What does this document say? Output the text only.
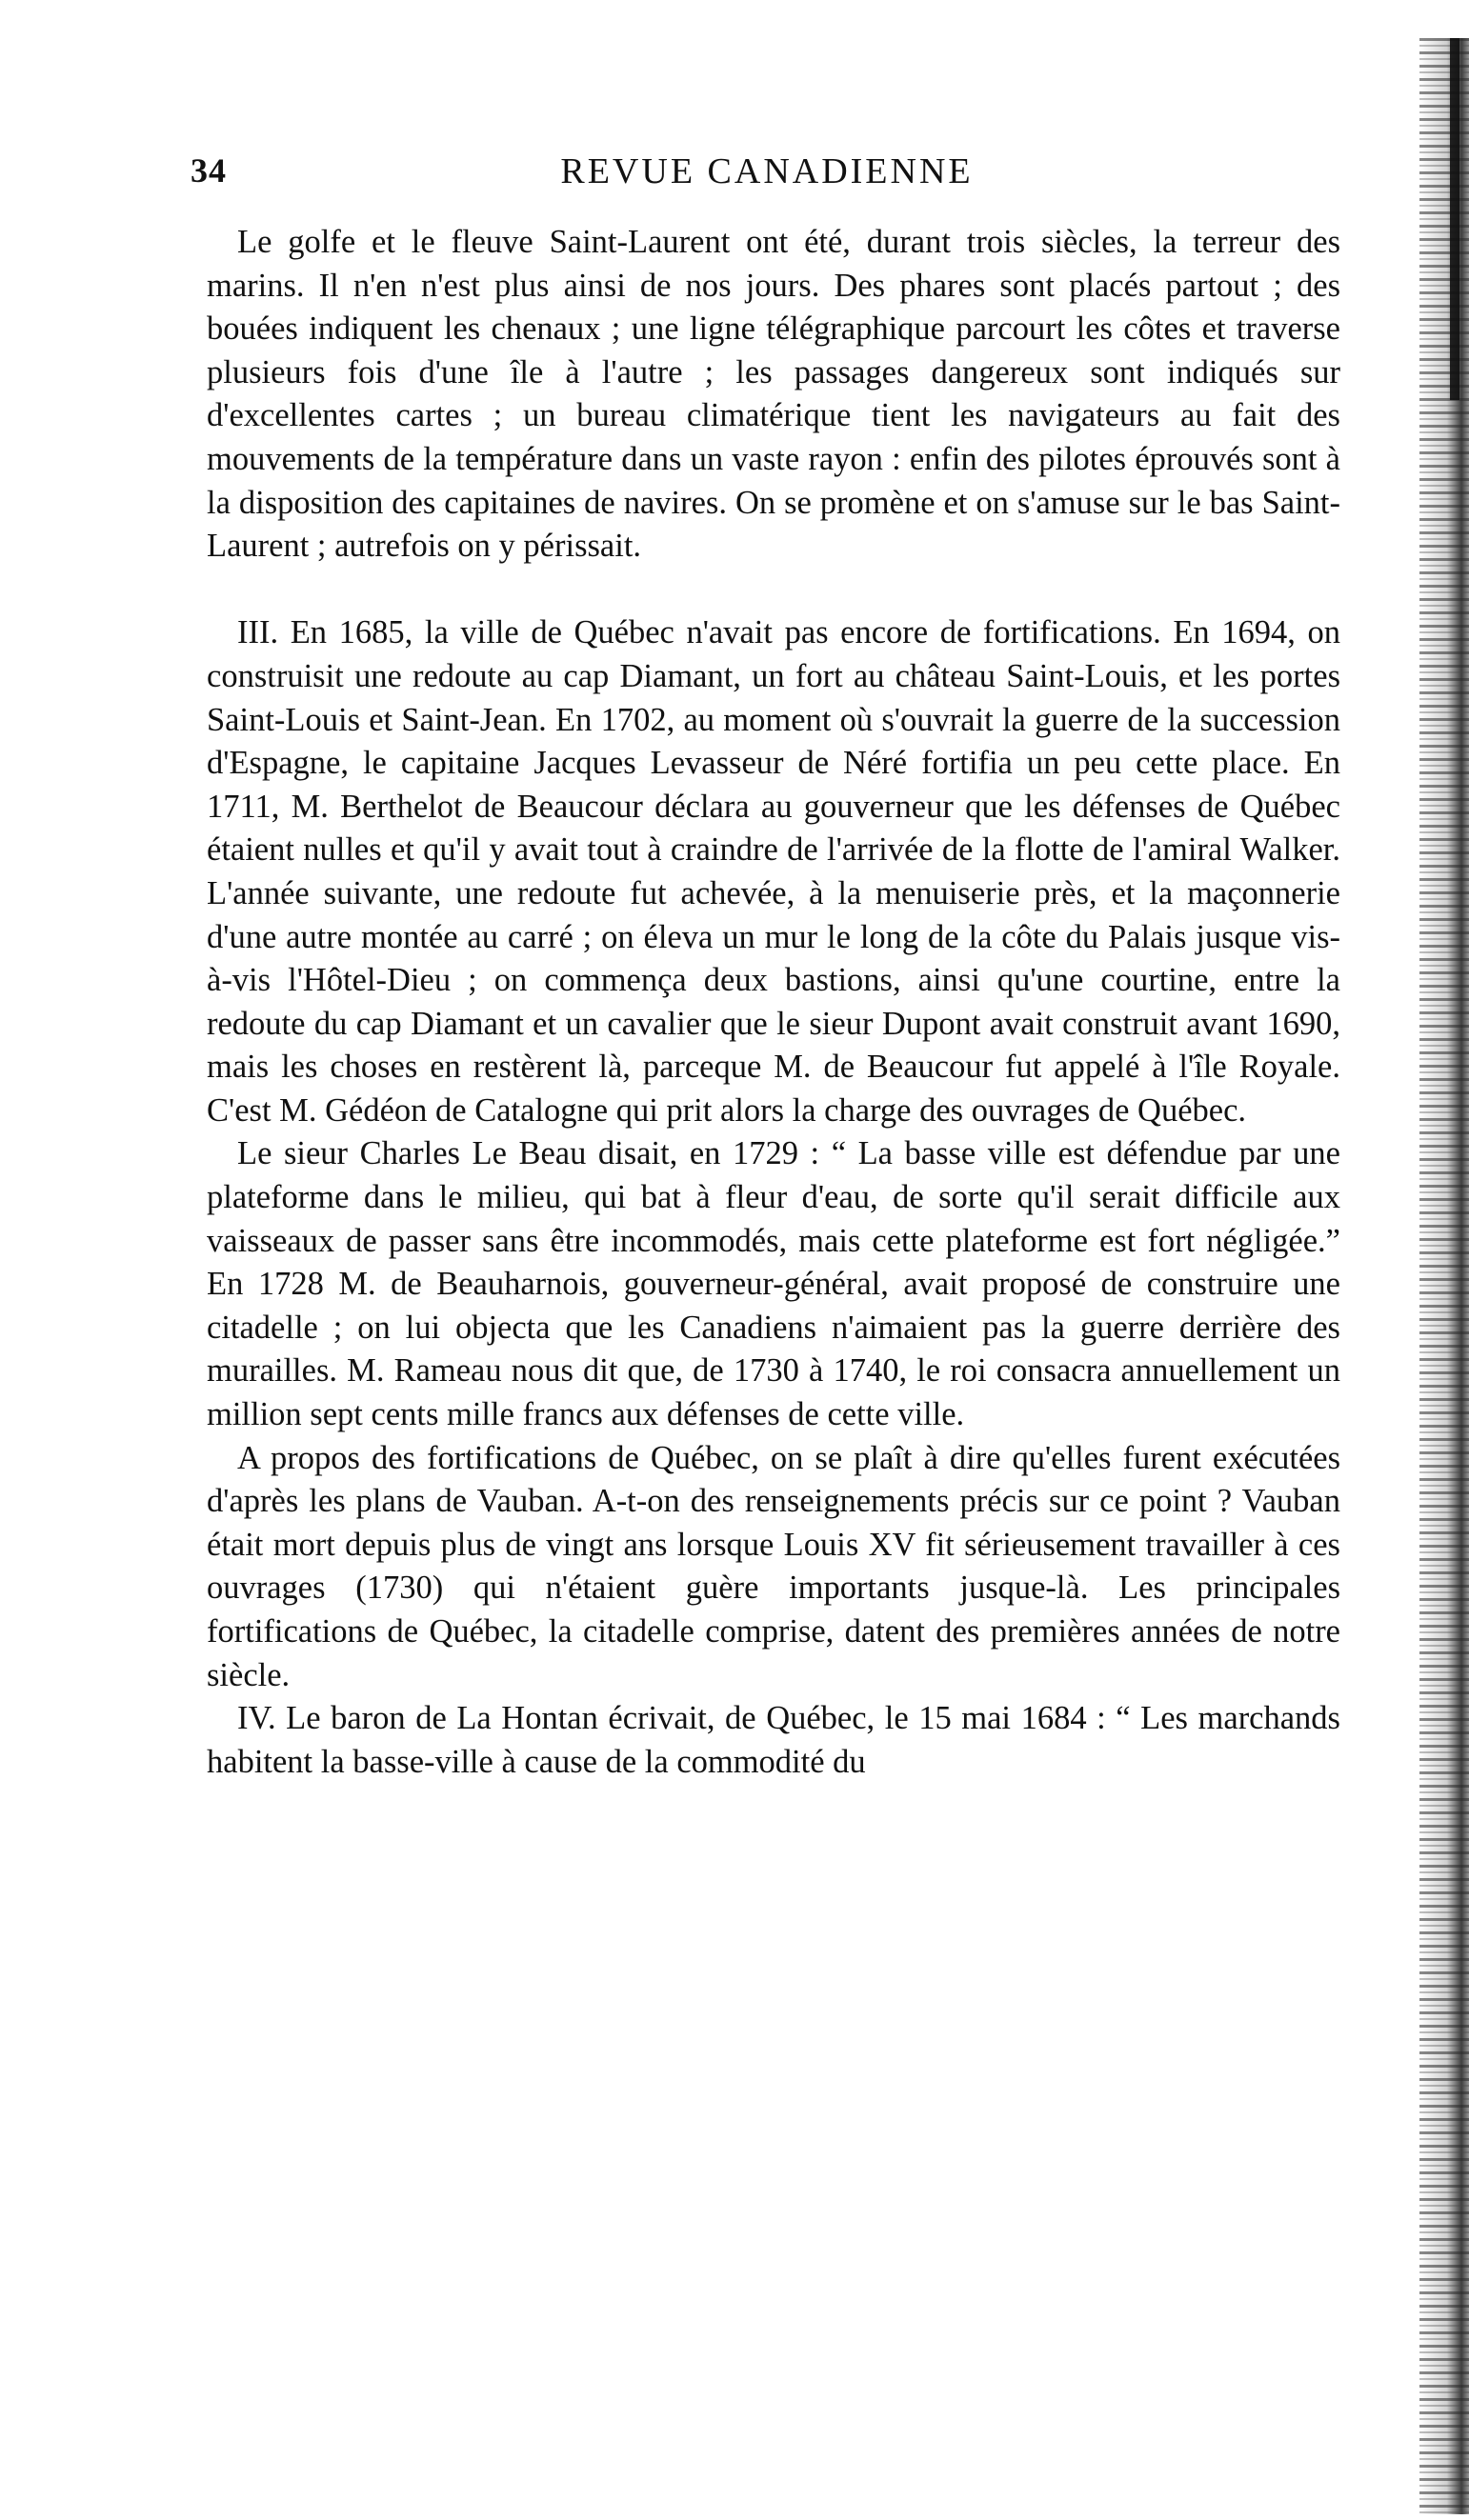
34	REVUE CANADIENNE

Le golfe et le fleuve Saint-Laurent ont été, durant trois siècles, la terreur des marins. Il n'en n'est plus ainsi de nos jours. Des phares sont placés partout ; des bouées indiquent les chenaux ; une ligne télégraphique parcourt les côtes et traverse plusieurs fois d'une île à l'autre ; les passages dangereux sont indiqués sur d'excellentes cartes ; un bureau climatérique tient les navigateurs au fait des mouvements de la température dans un vaste rayon : enfin des pilotes éprouvés sont à la disposition des capitaines de navires. On se promène et on s'amuse sur le bas Saint-Laurent ; autrefois on y périssait.

III. En 1685, la ville de Québec n'avait pas encore de fortifications. En 1694, on construisit une redoute au cap Diamant, un fort au château Saint-Louis, et les portes Saint-Louis et Saint-Jean. En 1702, au moment où s'ouvrait la guerre de la succession d'Espagne, le capitaine Jacques Levasseur de Néré fortifia un peu cette place. En 1711, M. Berthelot de Beaucour déclara au gouverneur que les défenses de Québec étaient nulles et qu'il y avait tout à craindre de l'arrivée de la flotte de l'amiral Walker. L'année suivante, une redoute fut achevée, à la menuiserie près, et la maçonnerie d'une autre montée au carré ; on éleva un mur le long de la côte du Palais jusque vis-à-vis l'Hôtel-Dieu ; on commença deux bastions, ainsi qu'une courtine, entre la redoute du cap Diamant et un cavalier que le sieur Dupont avait construit avant 1690, mais les choses en restèrent là, parceque M. de Beaucour fut appelé à l'île Royale. C'est M. Gédéon de Catalogne qui prit alors la charge des ouvrages de Québec.

Le sieur Charles Le Beau disait, en 1729 : “ La basse ville est défendue par une plateforme dans le milieu, qui bat à fleur d'eau, de sorte qu'il serait difficile aux vaisseaux de passer sans être incommodés, mais cette plateforme est fort négligée.” En 1728 M. de Beauharnois, gouverneur-général, avait proposé de construire une citadelle ; on lui objecta que les Canadiens n'aimaient pas la guerre derrière des murailles. M. Rameau nous dit que, de 1730 à 1740, le roi consacra annuellement un million sept cents mille francs aux défenses de cette ville.

A propos des fortifications de Québec, on se plaît à dire qu'elles furent exécutées d'après les plans de Vauban. A-t-on des renseignements précis sur ce point ? Vauban était mort depuis plus de vingt ans lorsque Louis XV fit sérieusement travailler à ces ouvrages (1730) qui n'étaient guère importants jusque-là. Les principales fortifications de Québec, la citadelle comprise, datent des premières années de notre siècle.

IV. Le baron de La Hontan écrivait, de Québec, le 15 mai 1684 : “ Les marchands habitent la basse-ville à cause de la commodité du
